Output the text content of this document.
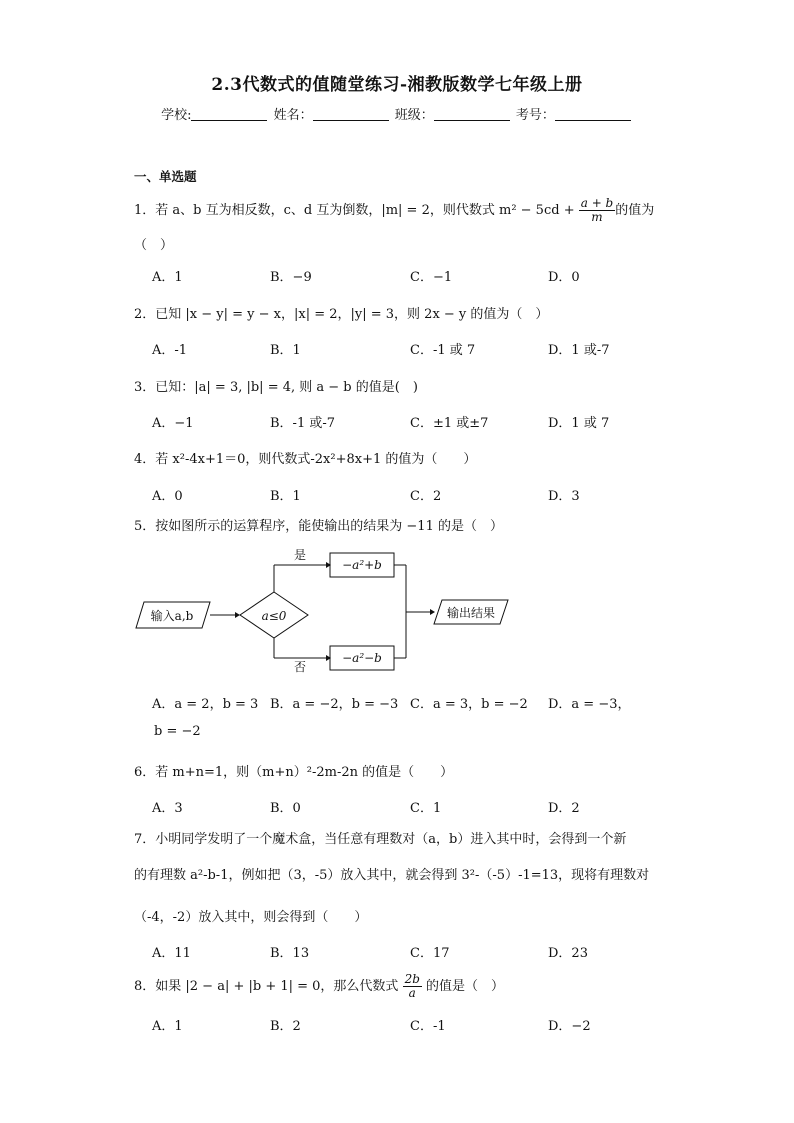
2.3代数式的值随堂练习-湘教版数学七年级上册
学校:	姓名：	班级：	考号：
一、单选题
1．若 a、b 互为相反数，c、d 互为倒数，|m| = 2，则代数式 $m^2 - 5cd + \frac{a + b}{m}$ 的值为
（　）
A．1	B．−9	C．−1	D．0
2．已知 |x − y| = y − x，|x| = 2，|y| = 3，则 2x − y 的值为（　）
A．-1	B．1	C．-1 或 7	D．1 或-7
3．已知：|a| = 3, |b| = 4, 则 a − b 的值是(　)
A．−1	B．-1 或-7	C．±1 或±7	D．1 或 7
4．若 x²-4x+1＝0，则代数式-2x²+8x+1 的值为（　　）
A．0	B．1	C．2	D．3
5．按如图所示的运算程序，能使输出的结果为 −11 的是（　）
输入a,b	a≤0
是
否
−a²+b
−a²−b
输出结果
A．a = 2，b = 3 B．a = −2，b = −3 C．a = 3，b = −2 D．a = −3，
b = −2
6．若 m+n=1，则（m+n）²-2m-2n 的值是（　　）
A．3	B．0	C．1	D．2
7．小明同学发明了一个魔术盒，当任意有理数对（a，b）进入其中时，会得到一个新
的有理数 a²-b-1，例如把（3，-5）放入其中，就会得到 3²-（-5）-1=13，现将有理数对
（-4，-2）放入其中，则会得到（　　）
A．11	B．13	C．17	D．23
8．如果 |2 − a| + |b + 1| = 0，那么代数式 $\frac{2b}{a}$ 的值是（　）
A．1	B．2	C．-1	D．−2
